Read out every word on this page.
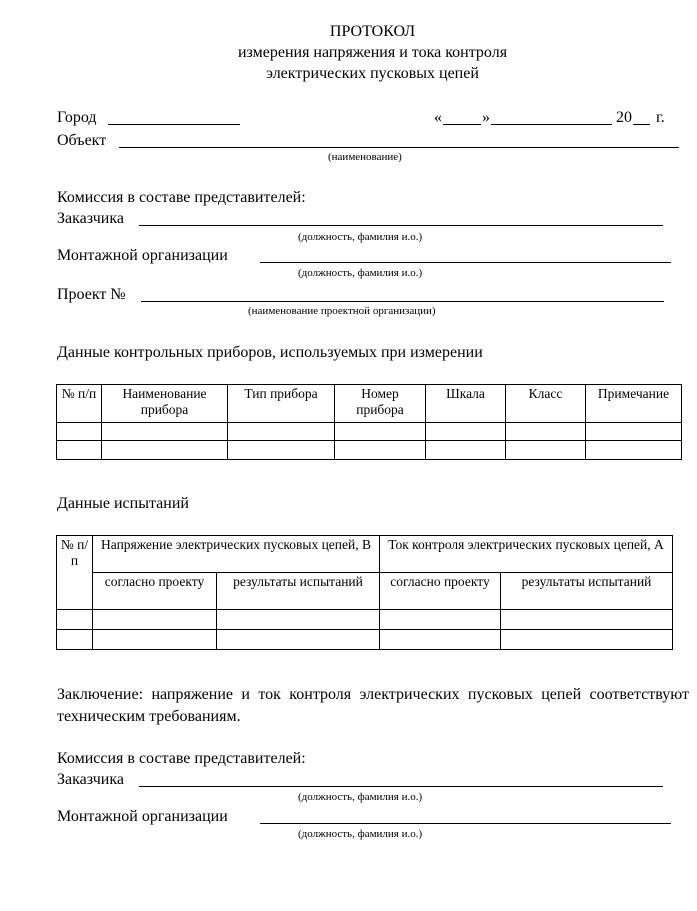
ПРОТОКОЛ
измерения напряжения и тока контроля
электрических пусковых цепей
Город	«	»	20 г.
Объект
(наименование)
Комиссия в составе представителей:
Заказчика
(должность, фамилия и.о.)
Монтажной организации
(должность, фамилия и.о.)
Проект №
(наименование проектной организации)
Данные контрольных приборов, используемых при измерении
№ п/п	Наименование прибора	Тип прибора	Номер прибора	Шкала	Класс	Примечание

Данные испытаний
№ п/п	Напряжение электрических пусковых цепей, В		Ток контроля электрических пусковых цепей, А	
	согласно проекту	результаты испытаний	согласно проекту	результаты испытаний

Заключение: напряжение и ток контроля электрических пусковых цепей соответствуют техническим требованиям.
Комиссия в составе представителей:
Заказчика
(должность, фамилия и.о.)
Монтажной организации
(должность, фамилия и.о.)
